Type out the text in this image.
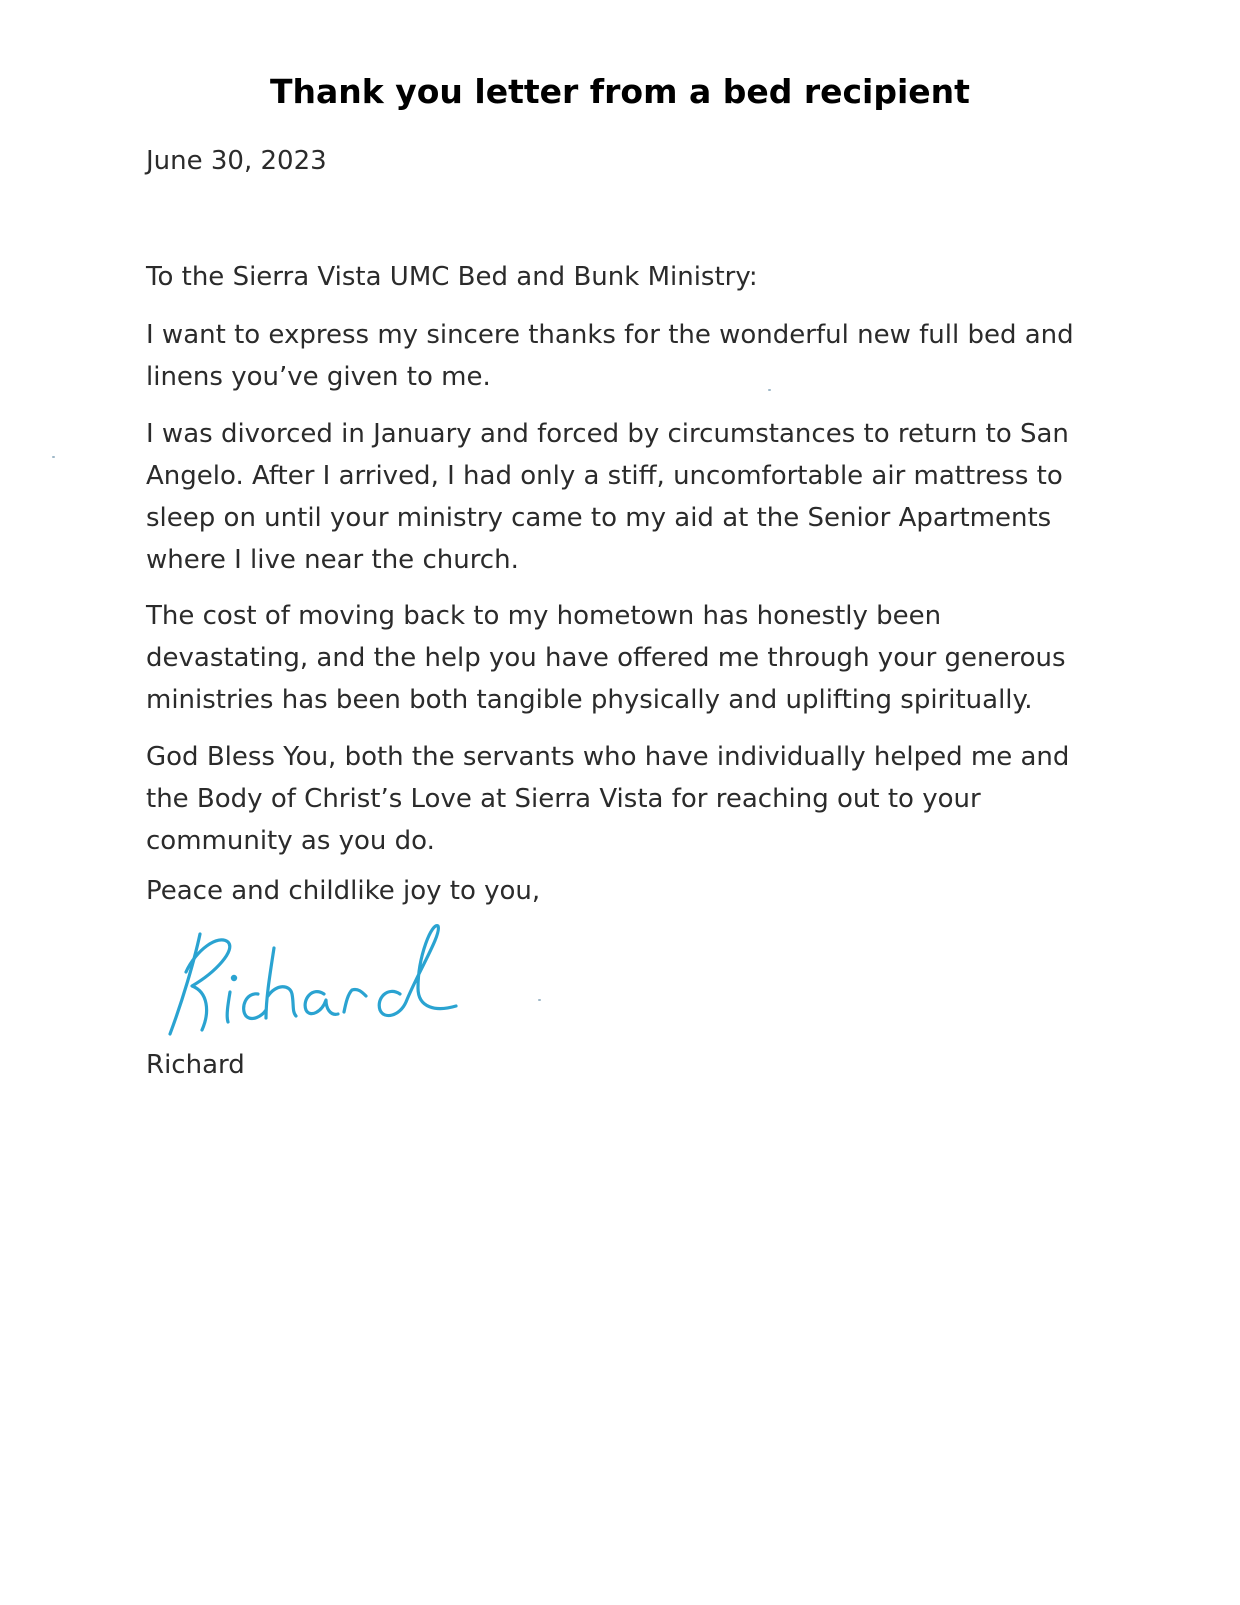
Thank you letter from a bed recipient
June 30, 2023
To the Sierra Vista UMC Bed and Bunk Ministry:

I want to express my sincere thanks for the wonderful new full bed and linens you’ve given to me.

I was divorced in January and forced by circumstances to return to San Angelo. After I arrived, I had only a stiff, uncomfortable air mattress to sleep on until your ministry came to my aid at the Senior Apartments where I live near the church.

The cost of moving back to my hometown has honestly been devastating, and the help you have offered me through your generous ministries has been both tangible physically and uplifting spiritually.

God Bless You, both the servants who have individually helped me and the Body of Christ’s Love at Sierra Vista for reaching out to your community as you do.

Peace and childlike joy to you,
Richard
